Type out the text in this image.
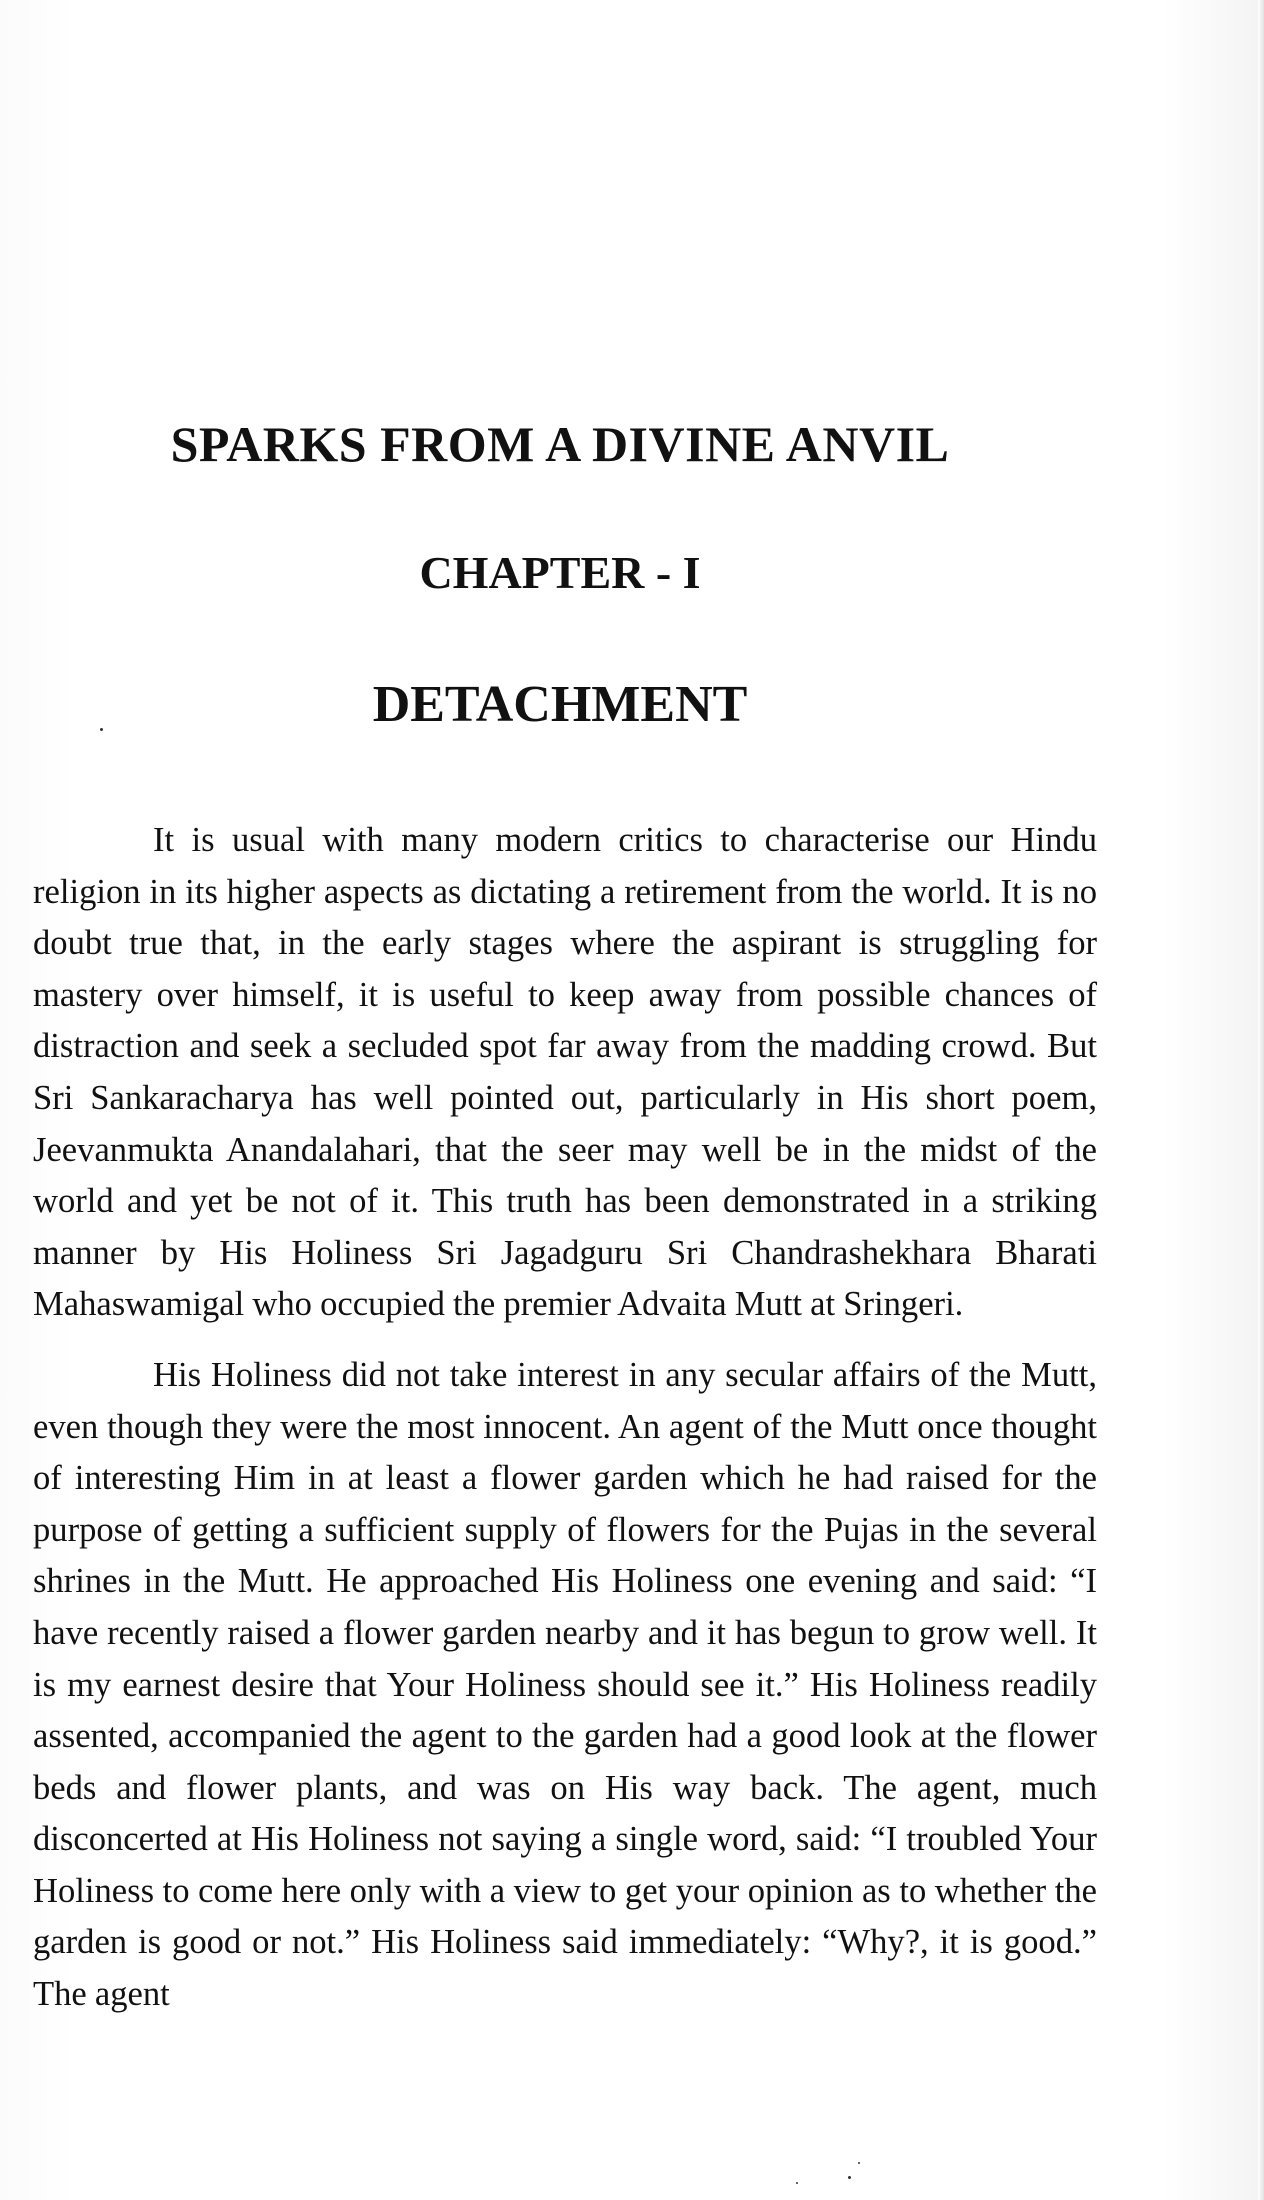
SPARKS FROM A DIVINE ANVIL
CHAPTER - I
DETACHMENT

It is usual with many modern critics to characterise our Hindu religion in its higher aspects as dictating a retirement from the world. It is no doubt true that, in the early stages where the aspirant is struggling for mastery over himself, it is useful to keep away from possible chances of distraction and seek a secluded spot far away from the madding crowd. But Sri Sankaracharya has well pointed out, particularly in His short poem, Jeevanmukta Anandalahari, that the seer may well be in the midst of the world and yet be not of it. This truth has been demonstrated in a striking manner by His Holiness Sri Jagadguru Sri Chandrashekhara Bharati Mahaswamigal who occupied the premier Advaita Mutt at Sringeri.

His Holiness did not take interest in any secular affairs of the Mutt, even though they were the most innocent. An agent of the Mutt once thought of interesting Him in at least a flower garden which he had raised for the purpose of getting a sufficient supply of flowers for the Pujas in the several shrines in the Mutt. He approached His Holiness one evening and said: “I have recently raised a flower garden nearby and it has begun to grow well. It is my earnest desire that Your Holiness should see it.” His Holiness readily assented, accompanied the agent to the garden had a good look at the flower beds and flower plants, and was on His way back. The agent, much disconcerted at His Holiness not saying a single word, said: “I troubled Your Holiness to come here only with a view to get your opinion as to whether the garden is good or not.” His Holiness said immediately: “Why?, it is good.” The agent
